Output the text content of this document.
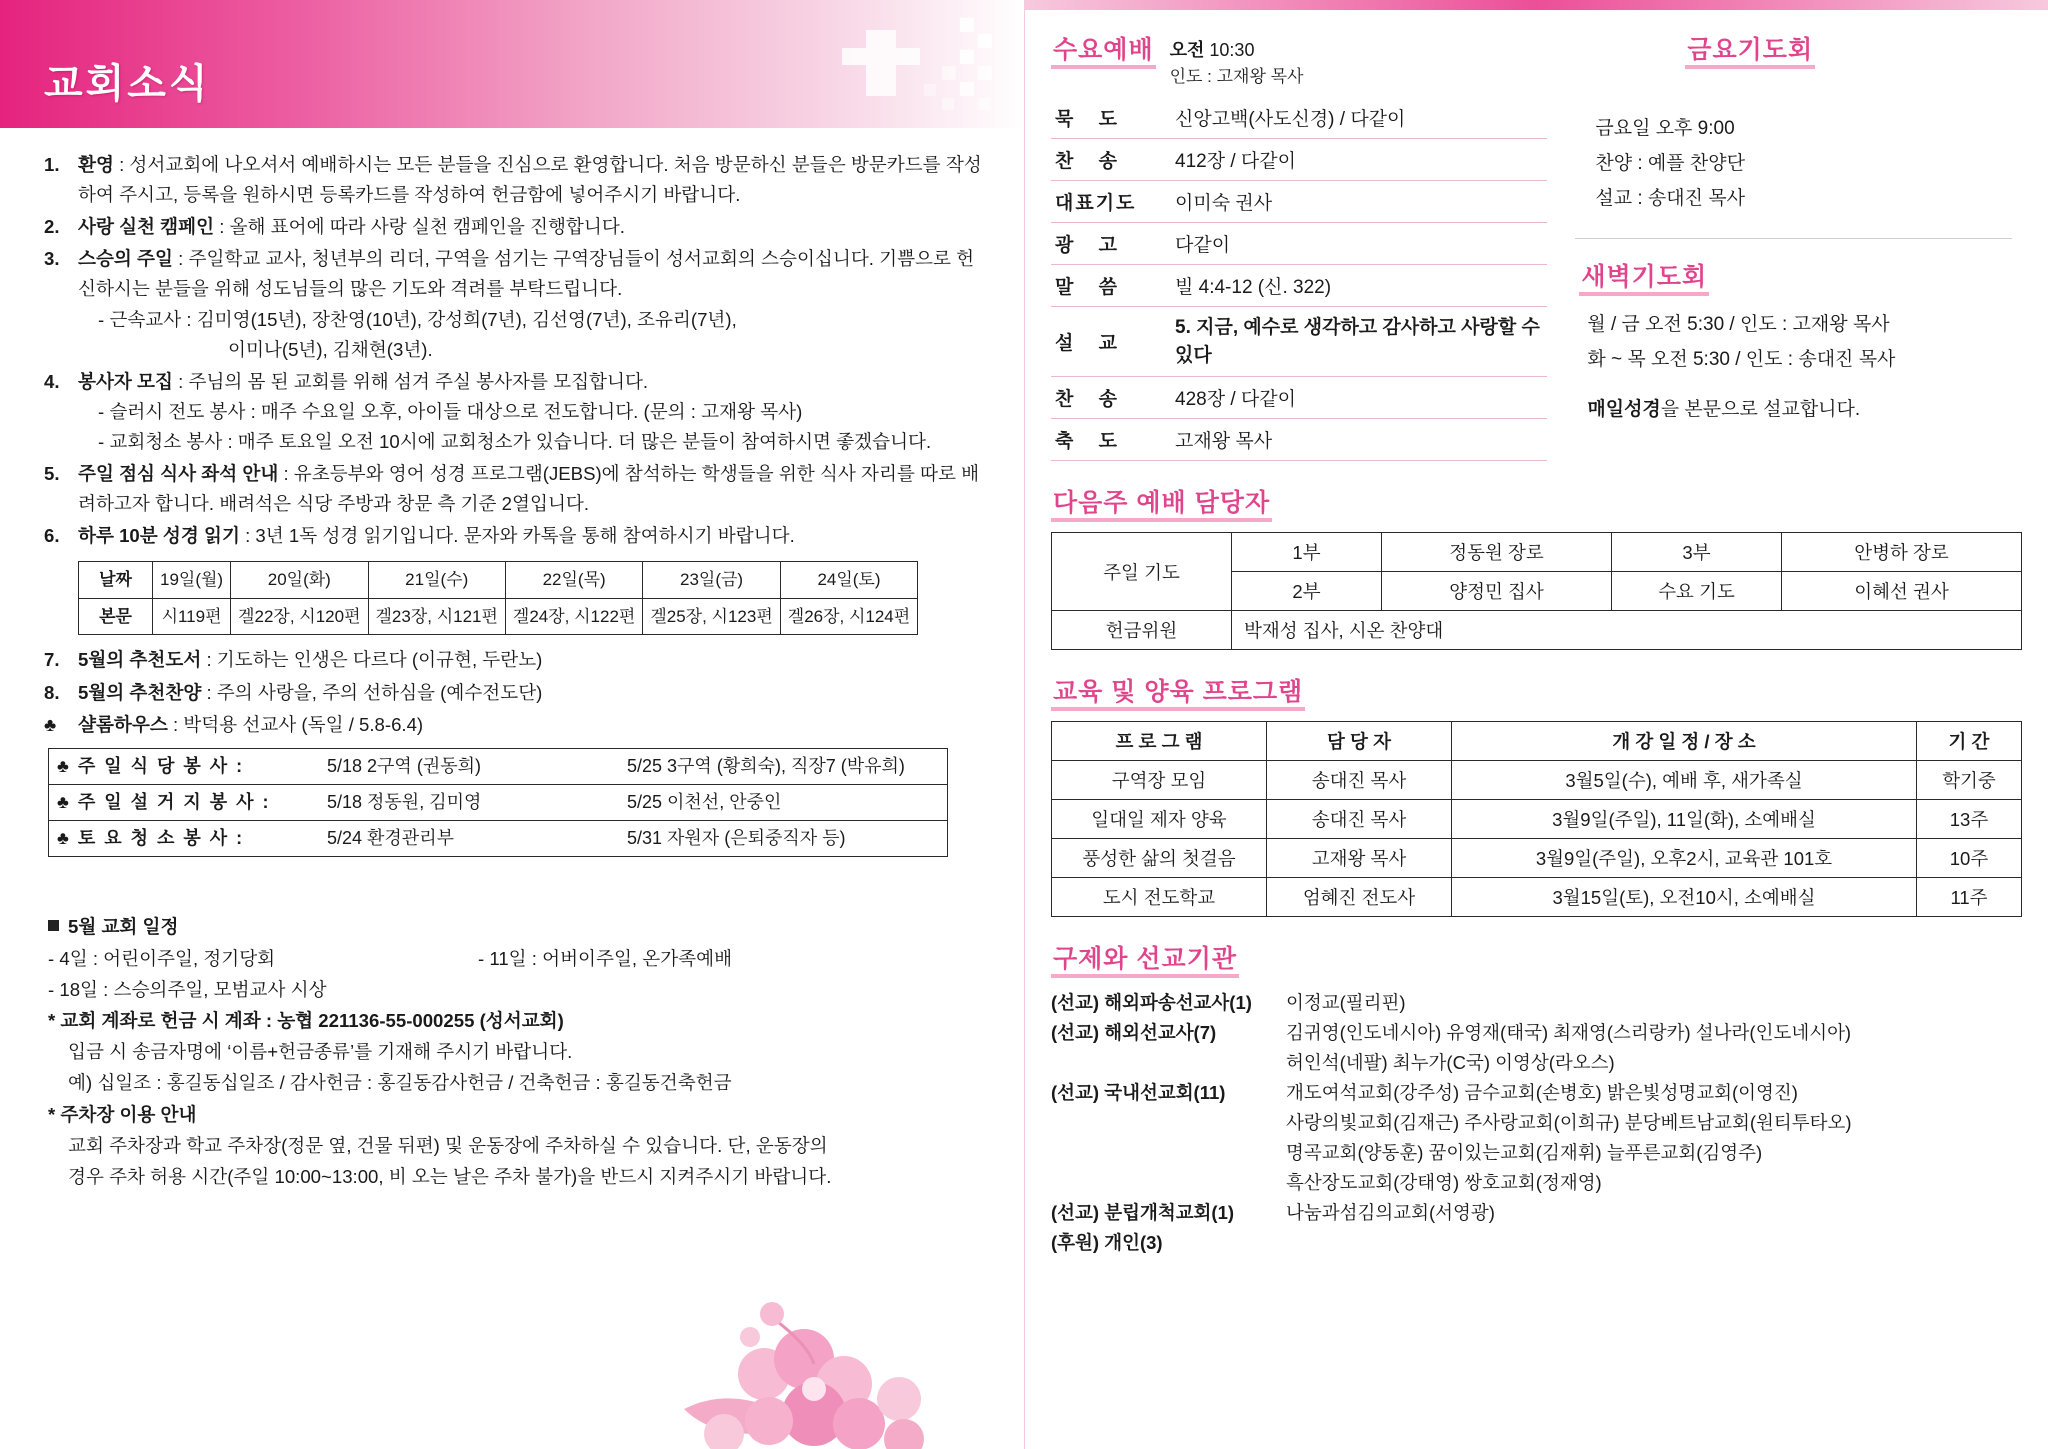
교회소식
1. 환영 : 성서교회에 나오셔서 예배하시는 모든 분들을 진심으로 환영합니다. 처음 방문하신 분들은 방문카드를 작성하여 주시고, 등록을 원하시면 등록카드를 작성하여 헌금함에 넣어주시기 바랍니다.
2. 사랑 실천 캠페인 : 올해 표어에 따라 사랑 실천 캠페인을 진행합니다.
3. 스승의 주일 : 주일학교 교사, 청년부의 리더, 구역을 섬기는 구역장님들이 성서교회의 스승이십니다. 기쁨으로 헌신하시는 분들을 위해 성도님들의 많은 기도와 격려를 부탁드립니다.
- 근속교사 : 김미영(15년), 장찬영(10년), 강성희(7년), 김선영(7년), 조유리(7년),
이미나(5년), 김채현(3년).
4. 봉사자 모집 : 주님의 몸 된 교회를 위해 섬겨 주실 봉사자를 모집합니다.
- 슬러시 전도 봉사 : 매주 수요일 오후, 아이들 대상으로 전도합니다. (문의 : 고재왕 목사)
- 교회청소 봉사 : 매주 토요일 오전 10시에 교회청소가 있습니다. 더 많은 분들이 참여하시면 좋겠습니다.
5. 주일 점심 식사 좌석 안내 : 유초등부와 영어 성경 프로그램(JEBS)에 참석하는 학생들을 위한 식사 자리를 따로 배려하고자 합니다. 배려석은 식당 주방과 창문 측 기준 2열입니다.
6. 하루 10분 성경 읽기 : 3년 1독 성경 읽기입니다. 문자와 카톡을 통해 참여하시기 바랍니다.
날짜	19일(월)	20일(화)	21일(수)	22일(목)	23일(금)	24일(토)
본문	시119편	겔22장, 시120편	겔23장, 시121편	겔24장, 시122편	겔25장, 시123편	겔26장, 시124편
7. 5월의 추천도서 : 기도하는 인생은 다르다 (이규현, 두란노)
8. 5월의 추천찬양 : 주의 사랑을, 주의 선하심을 (예수전도단)
♣ 샬롬하우스 : 박덕용 선교사 (독일 / 5.8-6.4)
♣ 주 일 식 당 봉 사 :	5/18 2구역 (권동희)	5/25 3구역 (황희숙), 직장7 (박유희)
♣ 주 일 설 거 지 봉 사 :	5/18 정동원, 김미영	5/25 이천선, 안중인
♣ 토 요 청 소 봉 사 :	5/24 환경관리부	5/31 자원자 (은퇴중직자 등)
5월 교회 일정
- 4일 : 어린이주일, 정기당회	- 11일 : 어버이주일, 온가족예배
- 18일 : 스승의주일, 모범교사 시상
* 교회 계좌로 헌금 시 계좌 : 농협 221136-55-000255 (성서교회)
입금 시 송금자명에 ‘이름+헌금종류’를 기재해 주시기 바랍니다.
예) 십일조 : 홍길동십일조 / 감사헌금 : 홍길동감사헌금 / 건축헌금 : 홍길동건축헌금
* 주차장 이용 안내
교회 주차장과 학교 주차장(정문 옆, 건물 뒤편) 및 운동장에 주차하실 수 있습니다. 단, 운동장의
경우 주차 허용 시간(주일 10:00~13:00, 비 오는 날은 주차 불가)을 반드시 지켜주시기 바랍니다.
수요예배 오전 10:30
인도 : 고재왕 목사
묵 도	신앙고백(사도신경) / 다같이
찬 송	412장 / 다같이
대표기도	이미숙 권사
광 고	다같이
말 씀	빌 4:4-12 (신. 322)
설 교	5. 지금, 예수로 생각하고 감사하고 사랑할 수 있다
찬 송	428장 / 다같이
축 도	고재왕 목사
금요기도회
금요일 오후 9:00
찬양 : 예플 찬양단
설교 : 송대진 목사
새벽기도회
월 / 금 오전 5:30 / 인도 : 고재왕 목사
화 ~ 목 오전 5:30 / 인도 : 송대진 목사
매일성경을 본문으로 설교합니다.
다음주 예배 담당자
주일 기도	1부	정동원 장로	3부	안병하 장로
	2부	양정민 집사	수요 기도	이혜선 권사
헌금위원	박재성 집사, 시온 찬양대			
교육 및 양육 프로그램
프 로 그 램	담 당 자	개 강 일 정 / 장 소	기 간
구역장 모임	송대진 목사	3월5일(수), 예배 후, 새가족실	학기중
일대일 제자 양육	송대진 목사	3월9일(주일), 11일(화), 소예배실	13주
풍성한 삶의 첫걸음	고재왕 목사	3월9일(주일), 오후2시, 교육관 101호	10주
도시 전도학교	엄혜진 전도사	3월15일(토), 오전10시, 소예배실	11주
구제와 선교기관
(선교) 해외파송선교사(1)	이정교(필리핀)
(선교) 해외선교사(7)	김귀영(인도네시아) 유영재(태국) 최재영(스리랑카) 설나라(인도네시아)
허인석(네팔) 최누가(C국) 이영상(라오스)
(선교) 국내선교회(11)	개도여석교회(강주성) 금수교회(손병호) 밝은빛성명교회(이영진)
사랑의빛교회(김재근) 주사랑교회(이희규) 분당베트남교회(원티투타오)
명곡교회(양동훈) 꿈이있는교회(김재휘) 늘푸른교회(김영주)
흑산장도교회(강태영) 쌍호교회(정재영)
(선교) 분립개척교회(1)	나눔과섬김의교회(서영광)
(후원) 개인(3)
